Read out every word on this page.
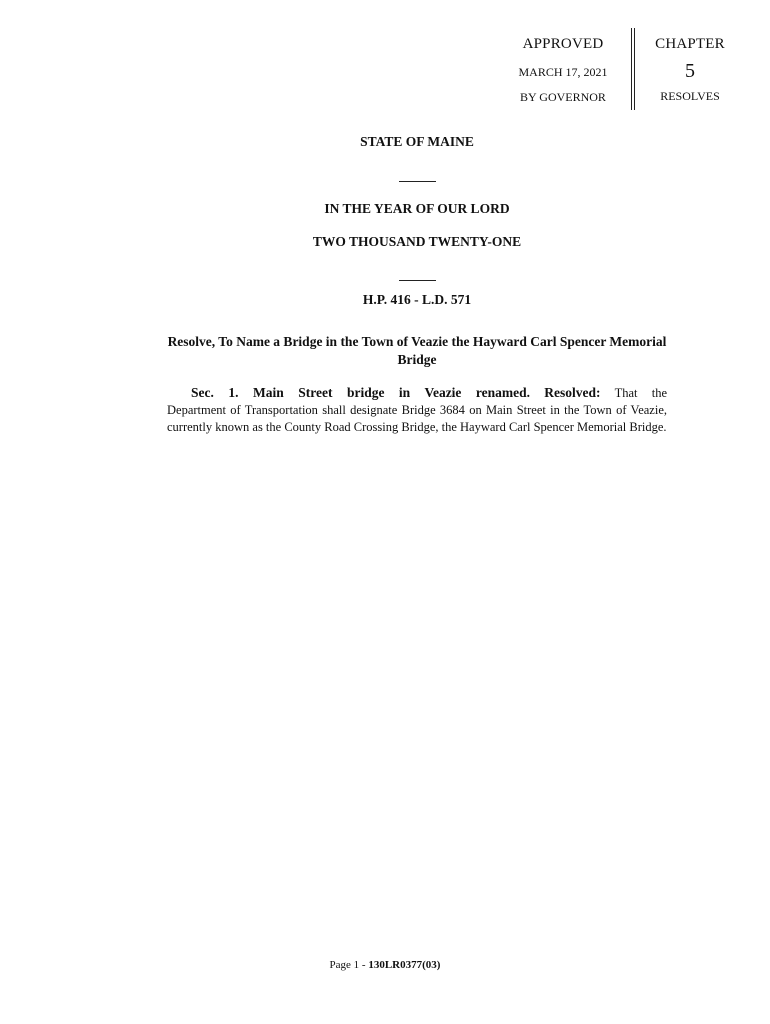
APPROVED
MARCH 17, 2021
BY GOVERNOR
CHAPTER
5
RESOLVES
STATE OF MAINE
IN THE YEAR OF OUR LORD
TWO THOUSAND TWENTY-ONE
H.P. 416 - L.D. 571
Resolve, To Name a Bridge in the Town of Veazie the Hayward Carl Spencer Memorial Bridge
Sec. 1. Main Street bridge in Veazie renamed. Resolved: That the
Department of Transportation shall designate Bridge 3684 on Main Street in the Town of Veazie, currently known as the County Road Crossing Bridge, the Hayward Carl Spencer Memorial Bridge.
Page 1 - 130LR0377(03)
